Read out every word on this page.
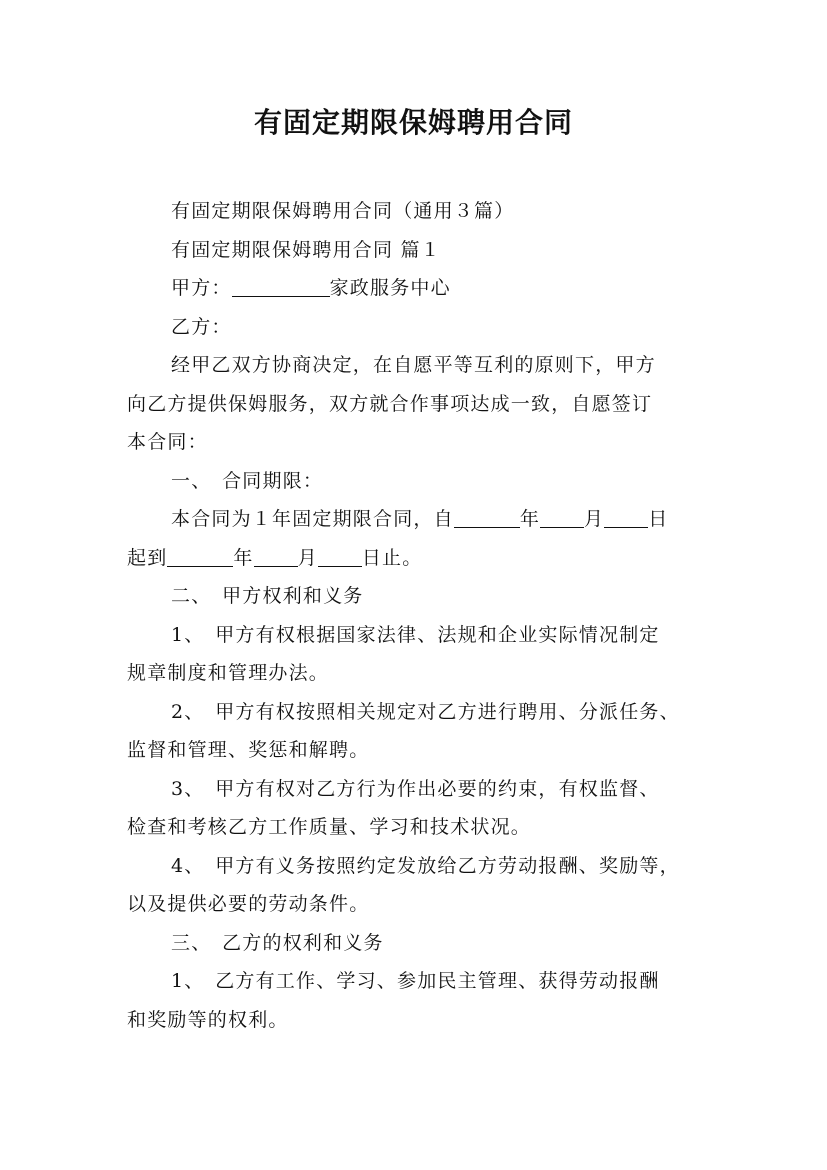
有固定期限保姆聘用合同

有固定期限保姆聘用合同（通用３篇）

有固定期限保姆聘用合同 篇１

甲方：	家政服务中心

乙方：

经甲乙双方协商决定，在自愿平等互利的原则下，甲方

向乙方提供保姆服务，双方就合作事项达成一致，自愿签订

本合同：

一、　合同期限：

本合同为１年固定期限合同，自	年 月 日

起到	年 月 日止。

二、　甲方权利和义务

1、　甲方有权根据国家法律、法规和企业实际情况制定

规章制度和管理办法。

2、　甲方有权按照相关规定对乙方进行聘用、分派任务、

监督和管理、奖惩和解聘。

3、　甲方有权对乙方行为作出必要的约束，有权监督、

检查和考核乙方工作质量、学习和技术状况。

4、　甲方有义务按照约定发放给乙方劳动报酬、奖励等，

以及提供必要的劳动条件。

三、　乙方的权利和义务

1、　乙方有工作、学习、参加民主管理、获得劳动报酬

和奖励等的权利。
